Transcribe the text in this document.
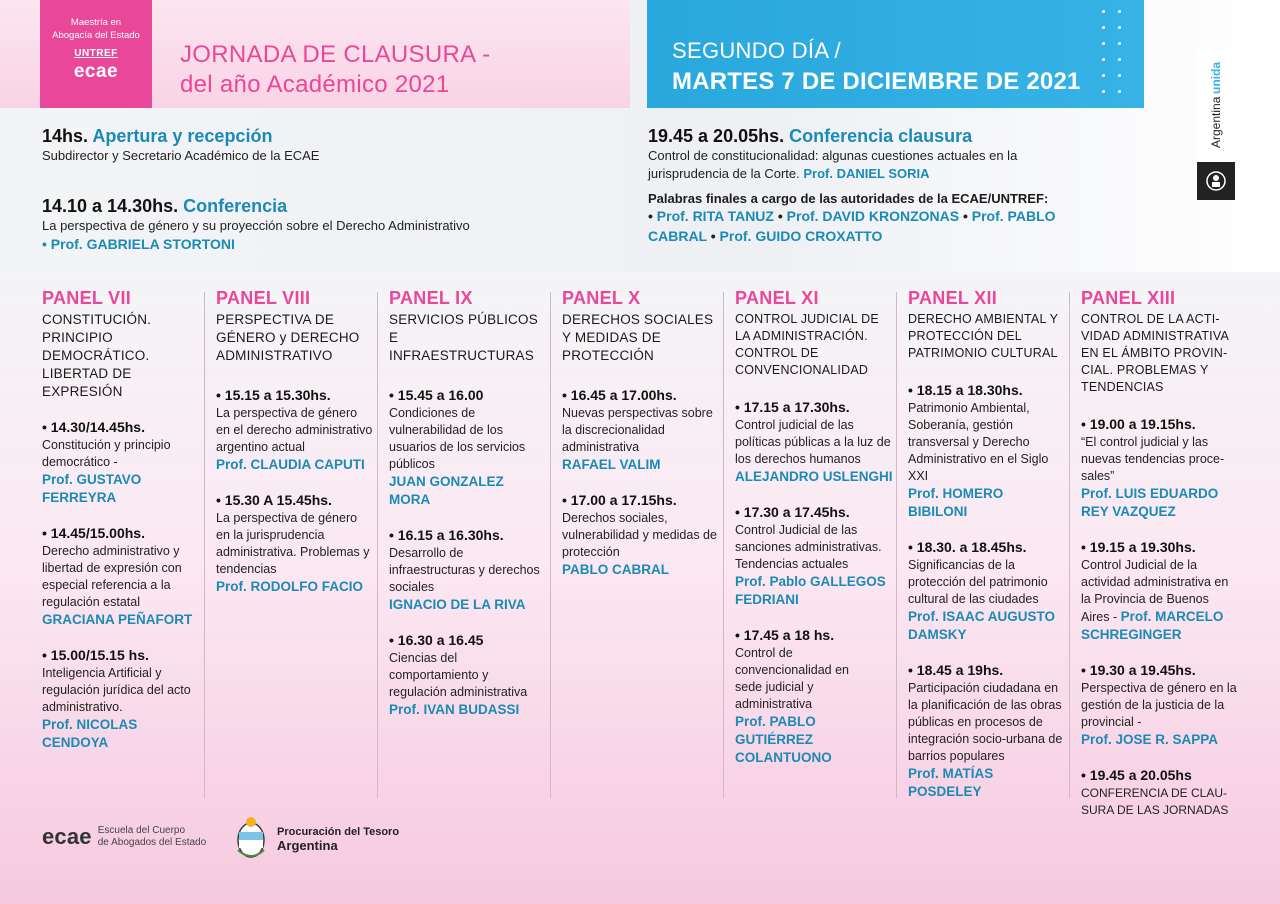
Maestría en
Abogacía del Estado
UNTREF
ecae
JORNADA DE CLAUSURA -
del año Académico 2021
SEGUNDO DÍA /
MARTES 7 DE DICIEMBRE DE 2021
Argentina

unida
14hs. Apertura y recepción
Subdirector y Secretario Académico de la ECAE
14.10 a 14.30hs. Conferencia
La perspectiva de género y su proyección sobre el Derecho Administrativo
• Prof. GABRIELA STORTONI
19.45 a 20.05hs. Conferencia clausura
Control de constitucionalidad: algunas cuestiones actuales en la
jurisprudencia de la Corte. Prof. DANIEL SORIA
Palabras finales a cargo de las autoridades de la ECAE/UNTREF:
• Prof. RITA TANUZ • Prof. DAVID KRONZONAS • Prof. PABLO
CABRAL • Prof. GUIDO CROXATTO
PANEL VII
CONSTITUCIÓN. PRINCIPIO DEMOCRÁTICO. LIBERTAD DE EXPRESIÓN
• 14.30/14.45hs.
Constitución y principio democrático -
Prof. GUSTAVO FERREYRA
• 14.45/15.00hs.
Derecho administrativo y libertad de expresión con especial referencia a la regulación estatal
GRACIANA PEÑAFORT
• 15.00/15.15 hs.
Inteligencia Artificial y regulación jurídica del acto administrativo.
Prof. NICOLAS CENDOYA
PANEL VIII
PERSPECTIVA DE GÉNERO y DERECHO ADMINISTRATIVO
• 15.15 a 15.30hs.
La perspectiva de género en el derecho administrativo argentino actual
Prof. CLAUDIA CAPUTI
• 15.30 A 15.45hs.
La perspectiva de género en la jurisprudencia administrativa. Problemas y tendencias
Prof. RODOLFO FACIO
PANEL IX
SERVICIOS PÚBLICOS E INFRAESTRUCTURAS
• 15.45 a 16.00
Condiciones de vulnerabilidad de los usuarios de los servicios públicos
JUAN GONZALEZ MORA
• 16.15 a 16.30hs.
Desarrollo de infraestructuras y derechos sociales
IGNACIO DE LA RIVA
• 16.30 a 16.45
Ciencias del comportamiento y regulación administrativa
Prof. IVAN BUDASSI
PANEL X
DERECHOS SOCIALES Y MEDIDAS DE PROTECCIÓN
• 16.45 a 17.00hs.
Nuevas perspectivas sobre la discrecionalidad administrativa
RAFAEL VALIM
• 17.00 a 17.15hs.
Derechos sociales, vulnerabilidad y medidas de protección
PABLO CABRAL
PANEL XI
CONTROL JUDICIAL DE LA ADMINISTRACIÓN. CONTROL DE CONVENCIONALIDAD
• 17.15 a 17.30hs.
Control judicial de las políticas públicas a la luz de los derechos humanos
ALEJANDRO USLENGHI
• 17.30 a 17.45hs.
Control Judicial de las sanciones administrativas. Tendencias actuales
Prof. Pablo GALLEGOS FEDRIANI
• 17.45 a 18 hs.
Control de convencionalidad en sede judicial y administrativa
Prof. PABLO GUTIÉRREZ COLANTUONO
PANEL XII
DERECHO AMBIENTAL Y PROTECCIÓN DEL PATRIMONIO CULTURAL
• 18.15 a 18.30hs.
Patrimonio Ambiental, Soberanía, gestión transversal y Derecho Administrativo en el Siglo XXI
Prof. HOMERO BIBILONI
• 18.30. a 18.45hs.
Significancias de la protección del patrimonio cultural de las ciudades
Prof. ISAAC AUGUSTO DAMSKY
• 18.45 a 19hs.
Participación ciudadana en la planificación de las obras públicas en procesos de integración socio-urbana de barrios populares
Prof. MATÍAS POSDELEY
PANEL XIII
CONTROL DE LA ACTI- VIDAD ADMINISTRATIVA EN EL ÁMBITO PROVIN- CIAL. PROBLEMAS Y TENDENCIAS
• 19.00 a 19.15hs.
“El control judicial y las nuevas tendencias proce- sales”
Prof. LUIS EDUARDO REY VAZQUEZ
• 19.15 a 19.30hs.
Control Judicial de la actividad administrativa en la Provincia de Buenos Aires - Prof. MARCELO SCHREGINGER
• 19.30 a 19.45hs.
Perspectiva de género en la gestión de la justicia de la provincial -
Prof. JOSE R. SAPPA
• 19.45 a 20.05hs
CONFERENCIA DE CLAU- SURA DE LAS JORNADAS
ecae Escuela del Cuerpo
de Abogados del Estado
Procuración del Tesoro
Argentina
